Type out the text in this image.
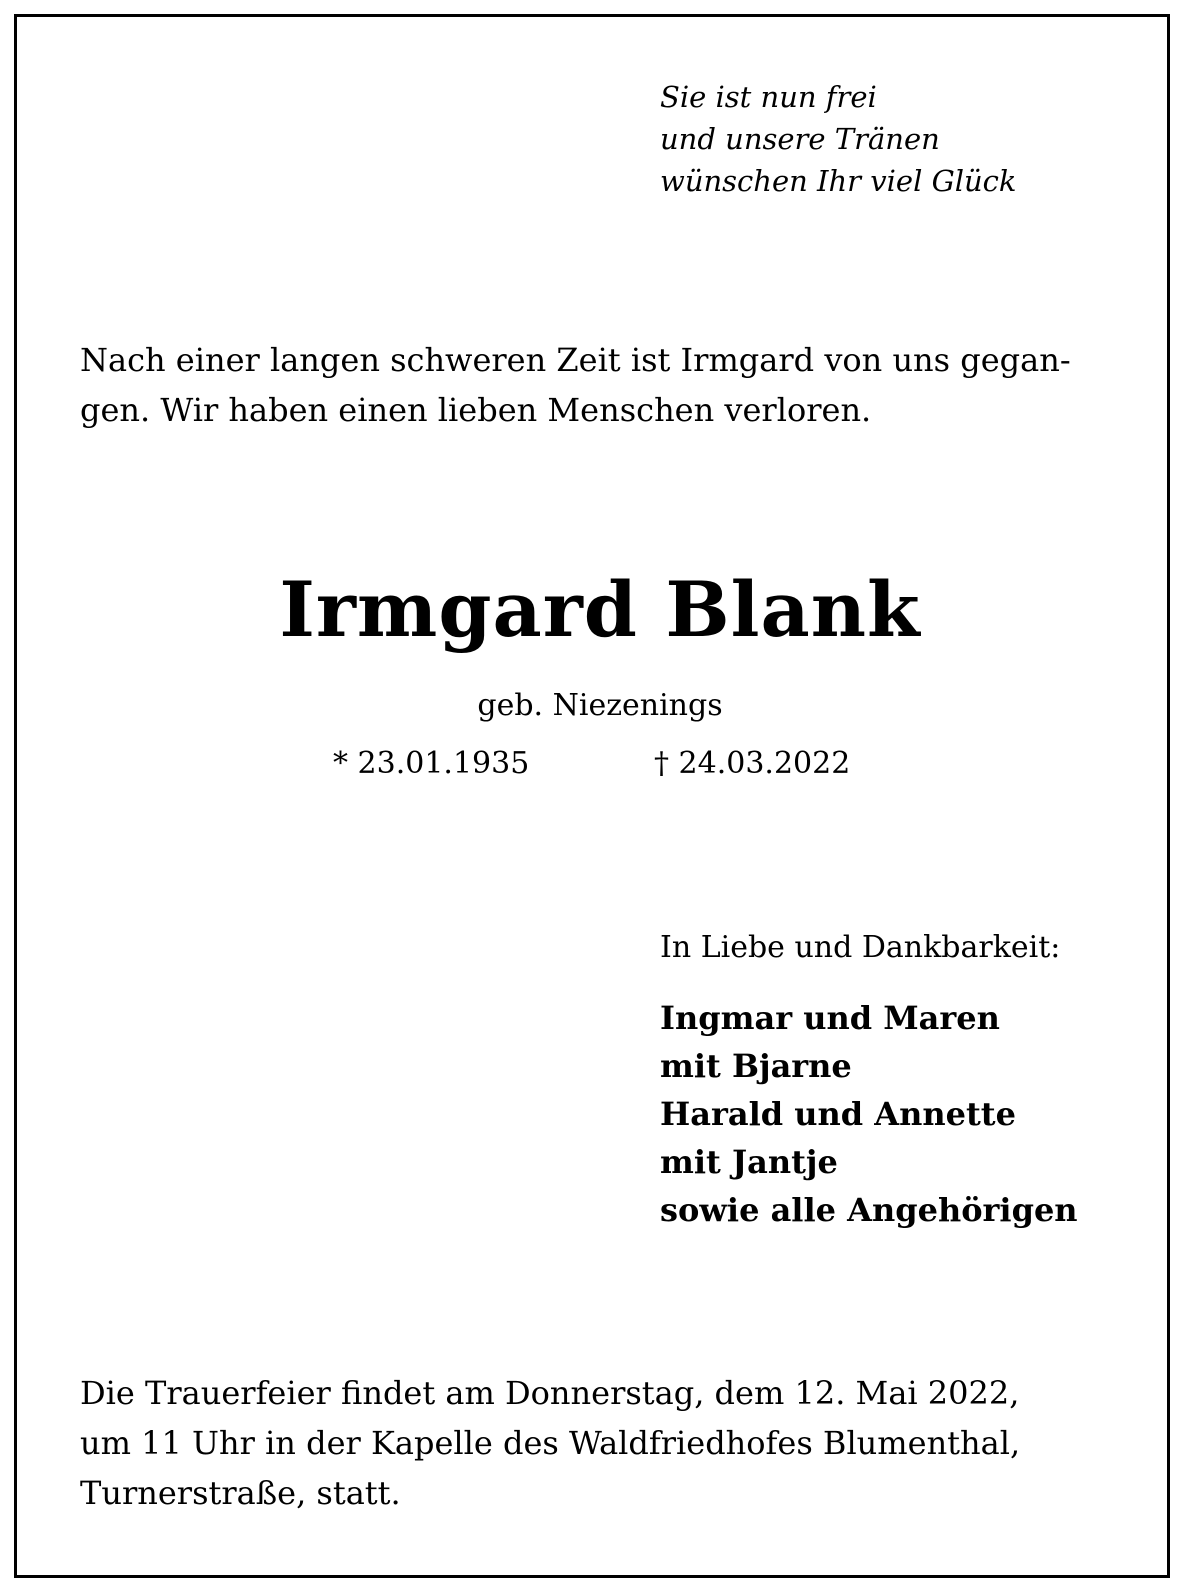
Sie ist nun frei
und unsere Tränen
wünschen Ihr viel Glück

Nach einer langen schweren Zeit ist Irmgard von uns gegan-
gen. Wir haben einen lieben Menschen verloren.

Irmgard Blank

geb. Niezenings

* 23.01.1935	† 24.03.2022

In Liebe und Dankbarkeit:

Ingmar und Maren
mit Bjarne
Harald und Annette
mit Jantje
sowie alle Angehörigen

Die Trauerfeier findet am Donnerstag, dem 12. Mai 2022,
um 11 Uhr in der Kapelle des Waldfriedhofes Blumenthal,
Turnerstraße, statt.
